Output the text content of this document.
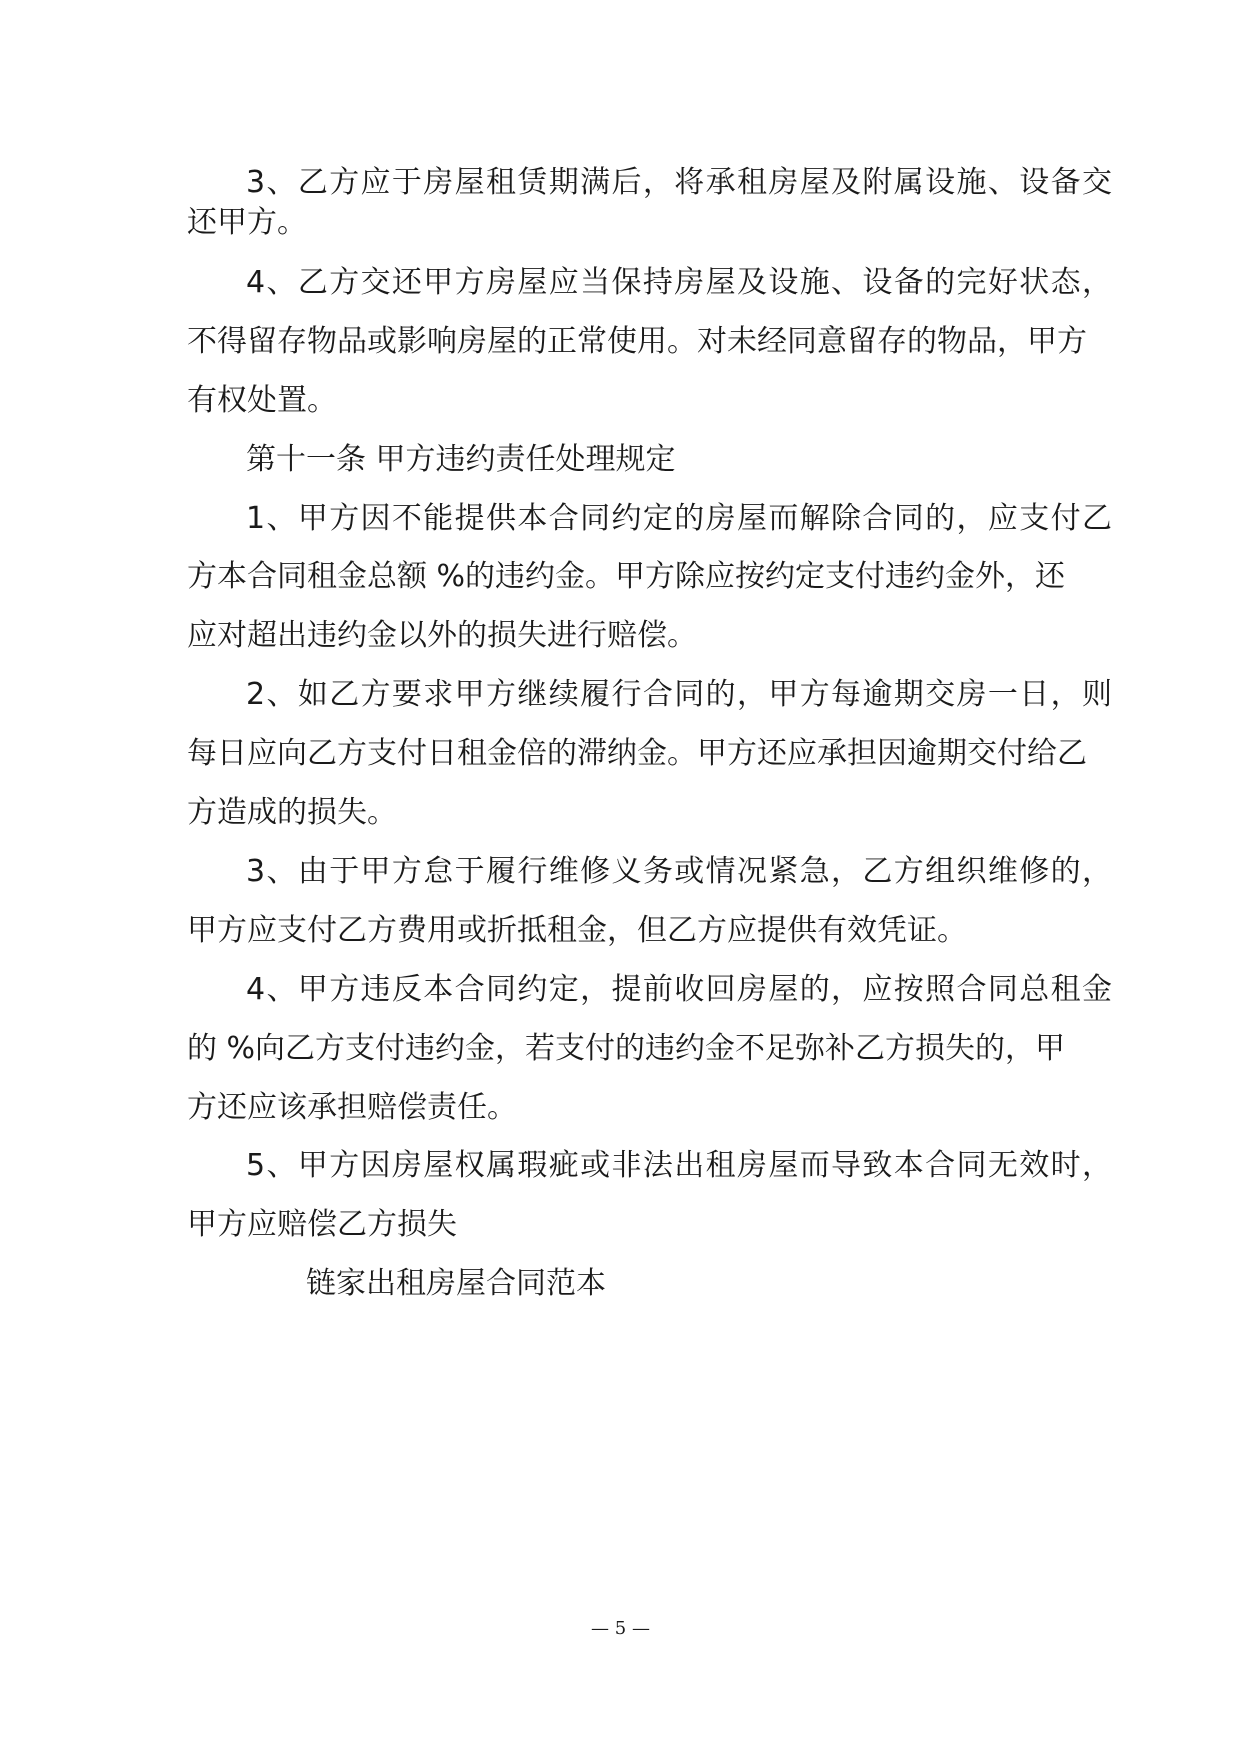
3、乙方应于房屋租赁期满后，将承租房屋及附属设施、设备交

还甲方。

4、乙方交还甲方房屋应当保持房屋及设施、设备的完好状态，

不得留存物品或影响房屋的正常使用。对未经同意留存的物品，甲方

有权处置。

第十一条 甲方违约责任处理规定

1、甲方因不能提供本合同约定的房屋而解除合同的，应支付乙

方本合同租金总额 %的违约金。甲方除应按约定支付违约金外，还

应对超出违约金以外的损失进行赔偿。

2、如乙方要求甲方继续履行合同的，甲方每逾期交房一日，则

每日应向乙方支付日租金倍的滞纳金。甲方还应承担因逾期交付给乙

方造成的损失。

3、由于甲方怠于履行维修义务或情况紧急，乙方组织维修的，

甲方应支付乙方费用或折抵租金，但乙方应提供有效凭证。

4、甲方违反本合同约定，提前收回房屋的，应按照合同总租金

的 %向乙方支付违约金，若支付的违约金不足弥补乙方损失的，甲

方还应该承担赔偿责任。

5、甲方因房屋权属瑕疵或非法出租房屋而导致本合同无效时，

甲方应赔偿乙方损失

链家出租房屋合同范本

— 5 —
